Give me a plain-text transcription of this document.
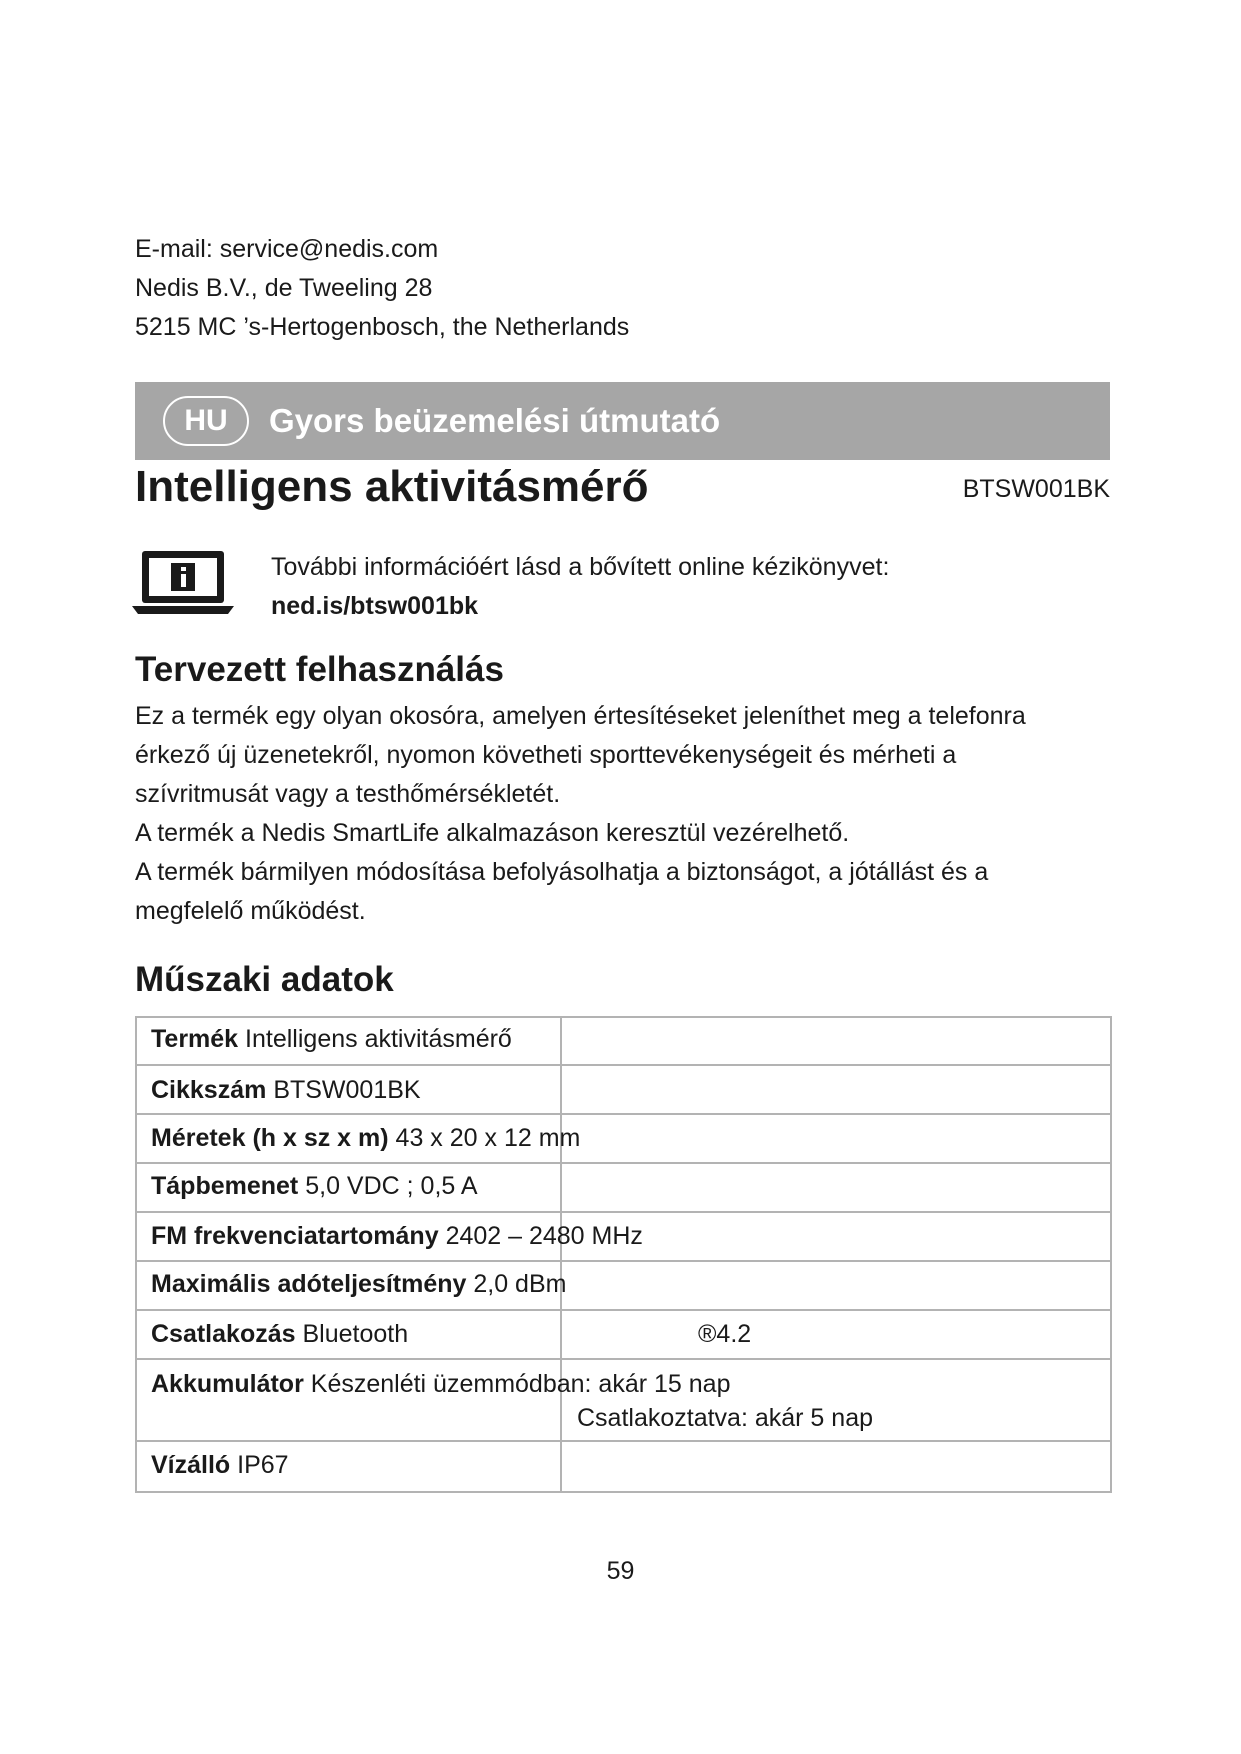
E-mail: service@nedis.com
Nedis B.V., de Tweeling 28
5215 MC ’s-Hertogenbosch, the Netherlands
HU	Gyors beüzemelési útmutató
Intelligens aktivitásmérő	BTSW001BK
További információért lásd a bővített online kézikönyvet:
ned.is/btsw001bk
Tervezett felhasználás
Ez a termék egy olyan okosóra, amelyen értesítéseket jeleníthet meg a telefonra
érkező új üzenetekről, nyomon követheti sporttevékenységeit és mérheti a
szívritmusát vagy a testhőmérsékletét.
A termék a Nedis SmartLife alkalmazáson keresztül vezérelhető.
A termék bármilyen módosítása befolyásolhatja a biztonságot, a jótállást és a
megfelelő működést.
Műszaki adatok
Termék Intelligens aktivitásmérő
Cikkszám BTSW001BK
Méretek (h x sz x m) 43 x 20 x 12 mm
Tápbemenet 5,0 VDC ; 0,5 A
FM frekvenciatartomány 2402 – 2480 MHz
Maximális adóteljesítmény 2,0 dBm
Csatlakozás Bluetooth	®4.2
Akkumulátor Készenléti üzemmódban: akár 15 nap
Csatlakoztatva: akár 5 nap
Vízálló IP67
59
